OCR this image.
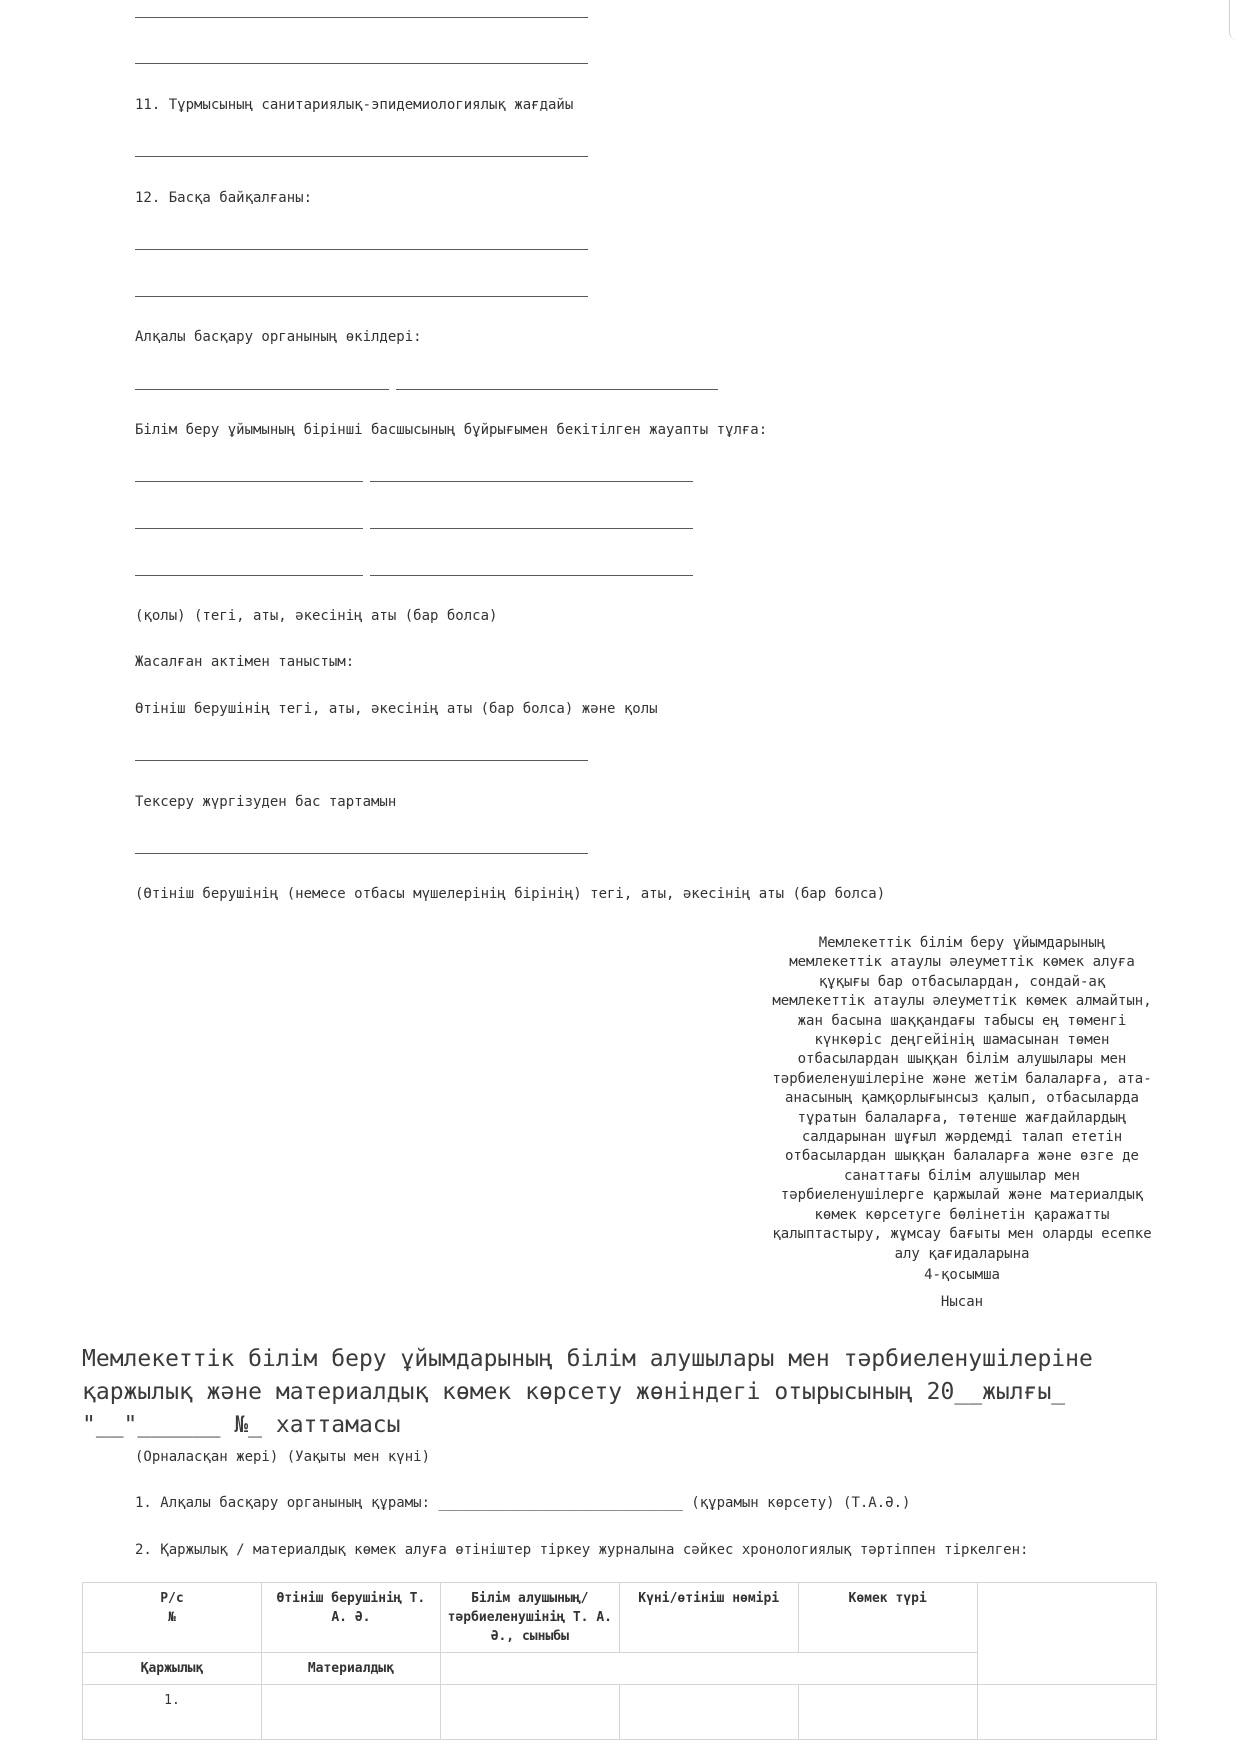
11. Тұрмысының санитариялық-эпидемиологиялық жағдайы

12. Басқа байқалғаны:

Алқалы басқару органының өкілдері:

Білім беру ұйымының бірінші басшысының бұйрығымен бекітілген жауапты тұлға:

(қолы) (тегі, аты, әкесінің аты (бар болса)

Жасалған актімен таныстым:

Өтініш берушінің тегі, аты, әкесінің аты (бар болса) және қолы

Тексеру жүргізуден бас тартамын

(Өтініш берушінің (немесе отбасы мүшелерінің бірінің) тегі, аты, әкесінің аты (бар болса)

Мемлекеттік білім беру ұйымдарының
мемлекеттік атаулы әлеуметтік көмек алуға
құқығы бар отбасылардан, сондай-ақ
мемлекеттік атаулы әлеуметтік көмек алмайтын,
жан басына шаққандағы табысы ең төменгі
күнкөріс деңгейінің шамасынан төмен
отбасылардан шыққан білім алушылары мен
тәрбиеленушілеріне және жетім балаларға, ата-
анасының қамқорлығынсыз қалып, отбасыларда
тұратын балаларға, төтенше жағдайлардың
салдарынан шұғыл жәрдемді талап ететін
отбасылардан шыққан балаларға және өзге де
санаттағы білім алушылар мен
тәрбиеленушілерге қаржылай және материалдық
көмек көрсетуге бөлінетін қаражатты
қалыптастыру, жұмсау бағыты мен оларды есепке
алу қағидаларына
4-қосымша
Нысан
Мемлекеттік білім беру ұйымдарының білім алушылары мен тәрбиеленушілеріне қаржылық және материалдық көмек көрсету жөніндегі отырысының 20__жылғы_ "__"______ №_ хаттамасы

(Орналасқан жері) (Уақыты мен күні)

1. Алқалы басқару органының құрамы: _____________________________ (құрамын көрсету) (Т.А.Ә.)

2. Қаржылық / материалдық көмек алуға өтініштер тіркеу журналына сәйкес хронологиялық тәртіппен тіркелген:

Р/с
№	Өтініш берушінің Т. А. Ә.	Білім алушының/ тәрбиеленушінің Т. А. Ә., сыныбы	Күні/өтініш нөмірі	Көмек түрі	
Қаржылық	Материалдық				
1.					
